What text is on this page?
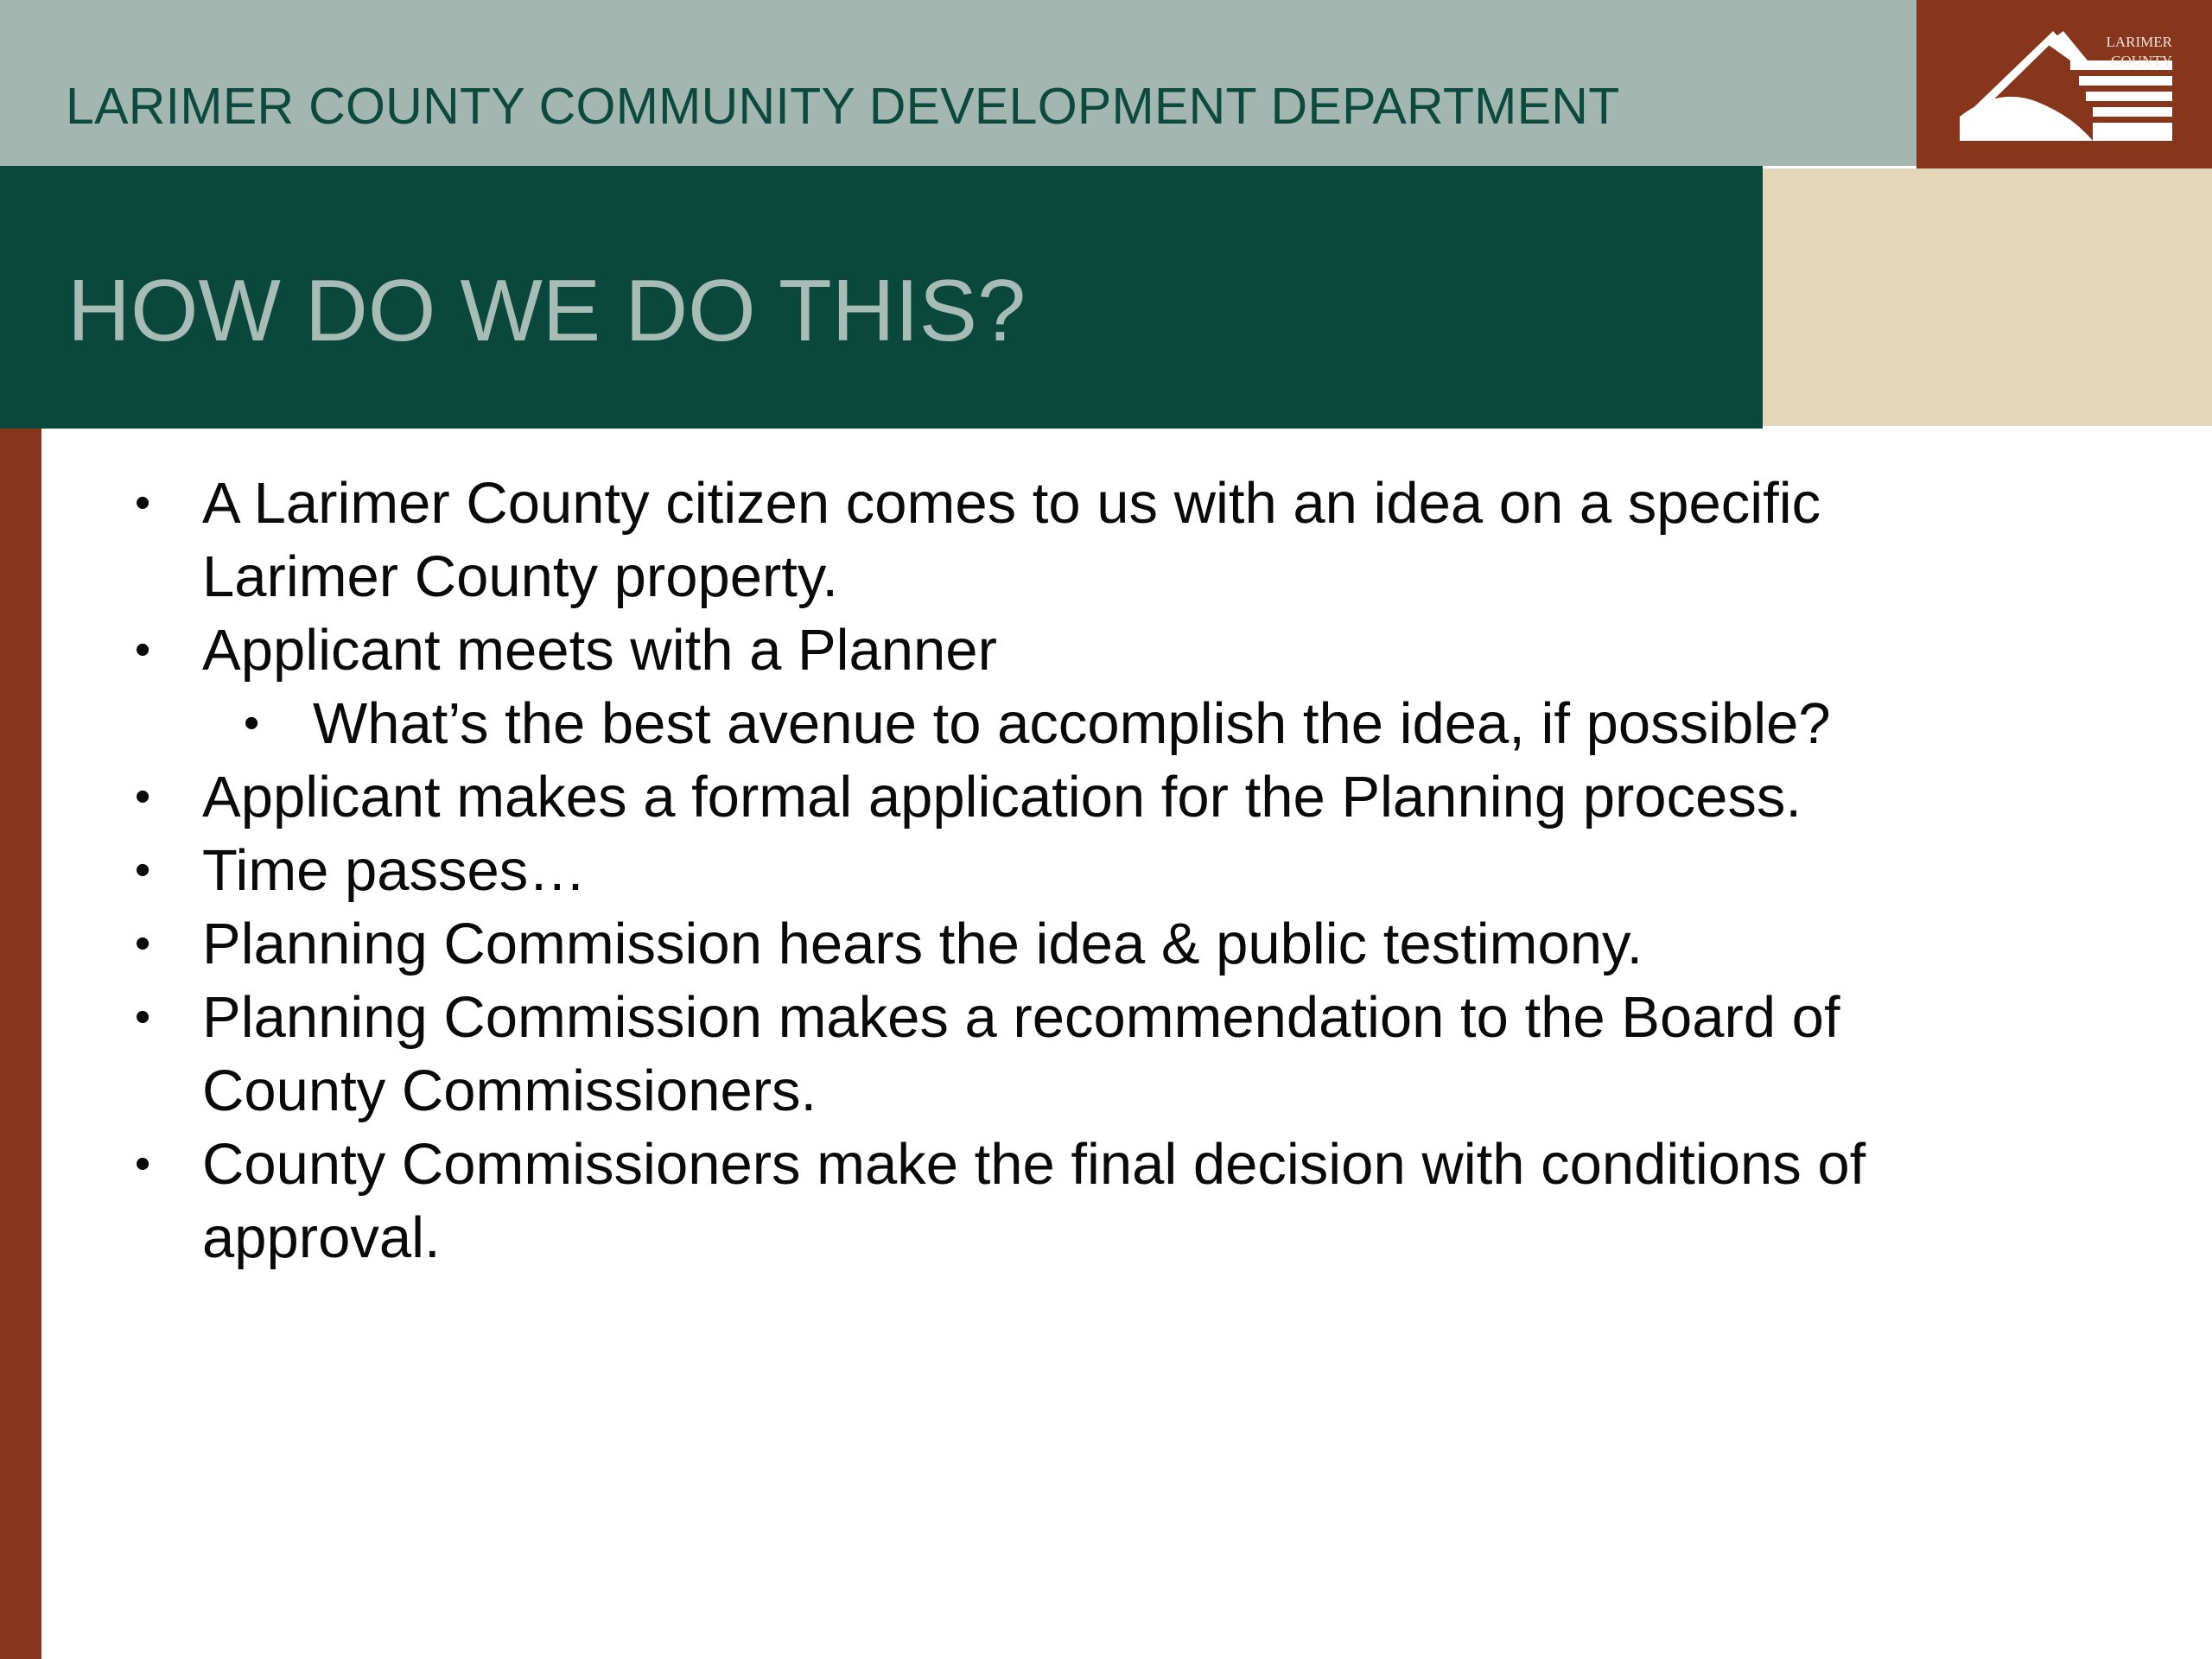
LARIMER COUNTY COMMUNITY DEVELOPMENT DEPARTMENT
LARIMER
COUNTY
HOW DO WE DO THIS?
• A Larimer County citizen comes to us with an idea on a specific Larimer County property.
• Applicant meets with a Planner
• What’s the best avenue to accomplish the idea, if possible?
• Applicant makes a formal application for the Planning process.
• Time passes…
• Planning Commission hears the idea & public testimony.
• Planning Commission makes a recommendation to the Board of County Commissioners.
• County Commissioners make the final decision with conditions of approval.
